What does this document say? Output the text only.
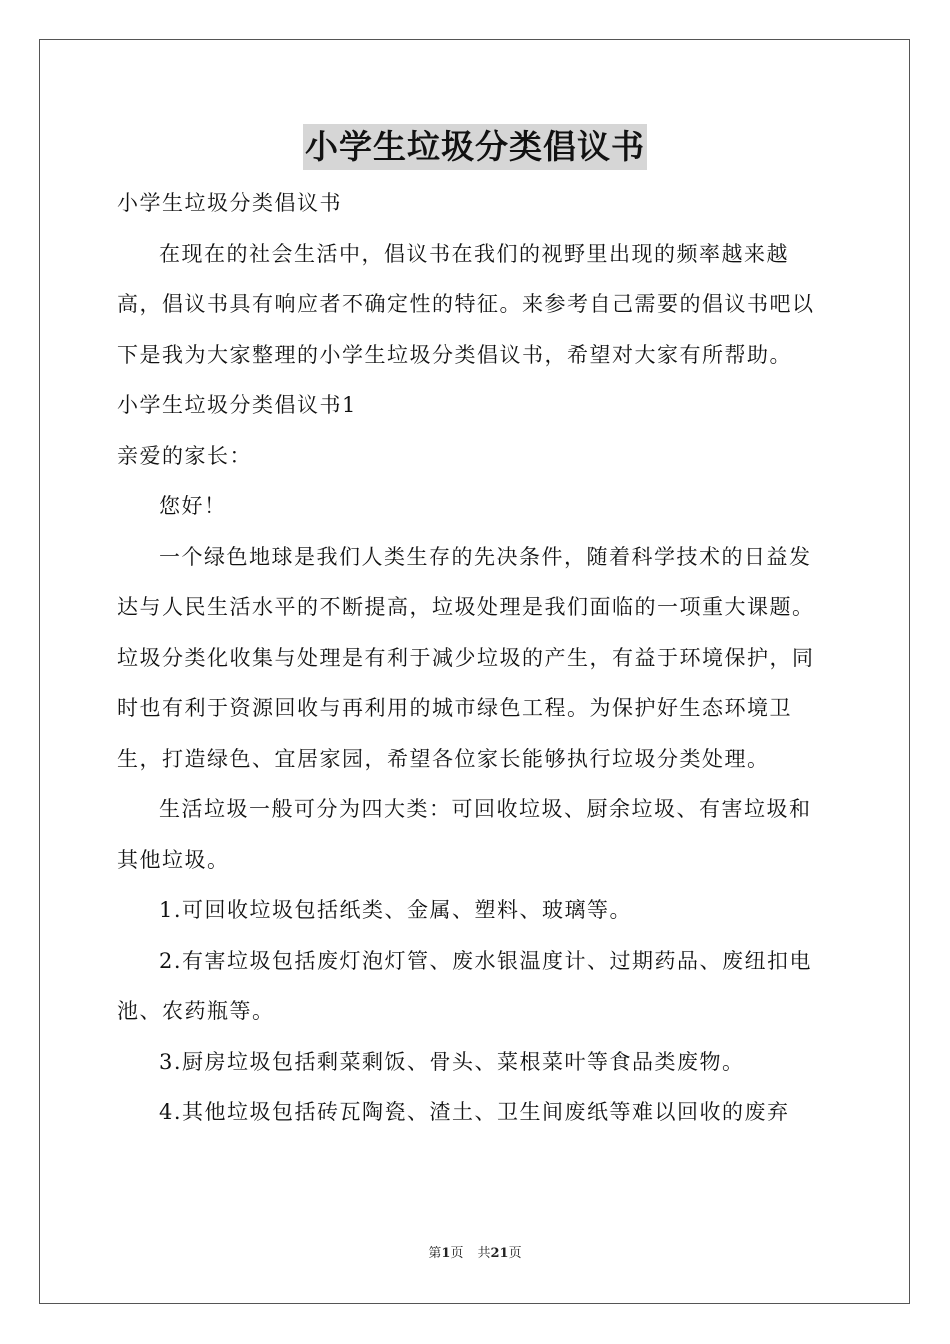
小学生垃圾分类倡议书

小学生垃圾分类倡议书

在现在的社会生活中，倡议书在我们的视野里出现的频率越来越高，倡议书具有响应者不确定性的特征。来参考自己需要的倡议书吧以下是我为大家整理的小学生垃圾分类倡议书，希望对大家有所帮助。

小学生垃圾分类倡议书1

亲爱的家长：

您好！

一个绿色地球是我们人类生存的先决条件，随着科学技术的日益发达与人民生活水平的不断提高，垃圾处理是我们面临的一项重大课题。垃圾分类化收集与处理是有利于减少垃圾的产生，有益于环境保护，同时也有利于资源回收与再利用的城市绿色工程。为保护好生态环境卫生，打造绿色、宜居家园，希望各位家长能够执行垃圾分类处理。

生活垃圾一般可分为四大类：可回收垃圾、厨余垃圾、有害垃圾和其他垃圾。

1.可回收垃圾包括纸类、金属、塑料、玻璃等。

2.有害垃圾包括废灯泡灯管、废水银温度计、过期药品、废纽扣电池、农药瓶等。

3.厨房垃圾包括剩菜剩饭、骨头、菜根菜叶等食品类废物。

4.其他垃圾包括砖瓦陶瓷、渣土、卫生间废纸等难以回收的废弃

第1页 共21页
